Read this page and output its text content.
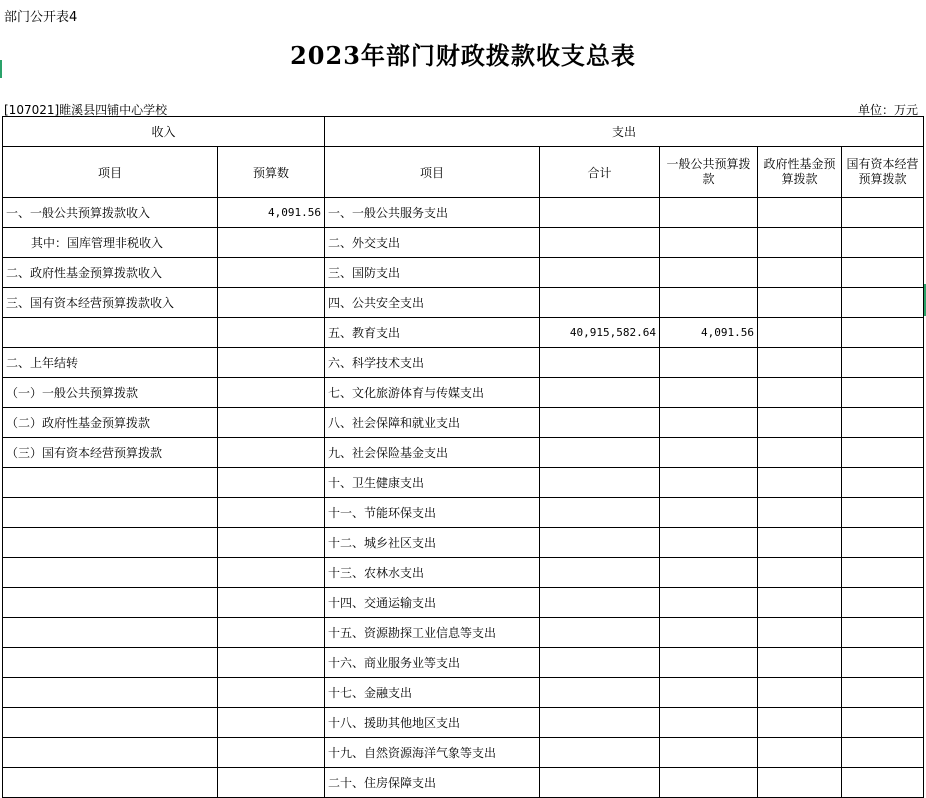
部门公开表4
2023年部门财政拨款收支总表
[107021]睢溪县四铺中心学校	单位：万元
收入		支出				
项目	预算数	项目	合计	一般公共预算拨款	政府性基金预算拨款	国有资本经营预算拨款
一、一般公共预算拨款收入	4,091.56	一、一般公共服务支出				
其中：国库管理非税收入		二、外交支出				
二、政府性基金预算拨款收入		三、国防支出				
三、国有资本经营预算拨款收入		四、公共安全支出				
		五、教育支出	40,915,582.64	4,091.56		
二、上年结转		六、科学技术支出				
（一）一般公共预算拨款		七、文化旅游体育与传媒支出				
（二）政府性基金预算拨款		八、社会保障和就业支出				
（三）国有资本经营预算拨款		九、社会保险基金支出				
		十、卫生健康支出				
		十一、节能环保支出				
		十二、城乡社区支出				
		十三、农林水支出				
		十四、交通运输支出				
		十五、资源勘探工业信息等支出				
		十六、商业服务业等支出				
		十七、金融支出				
		十八、援助其他地区支出				
		十九、自然资源海洋气象等支出				
		二十、住房保障支出				
